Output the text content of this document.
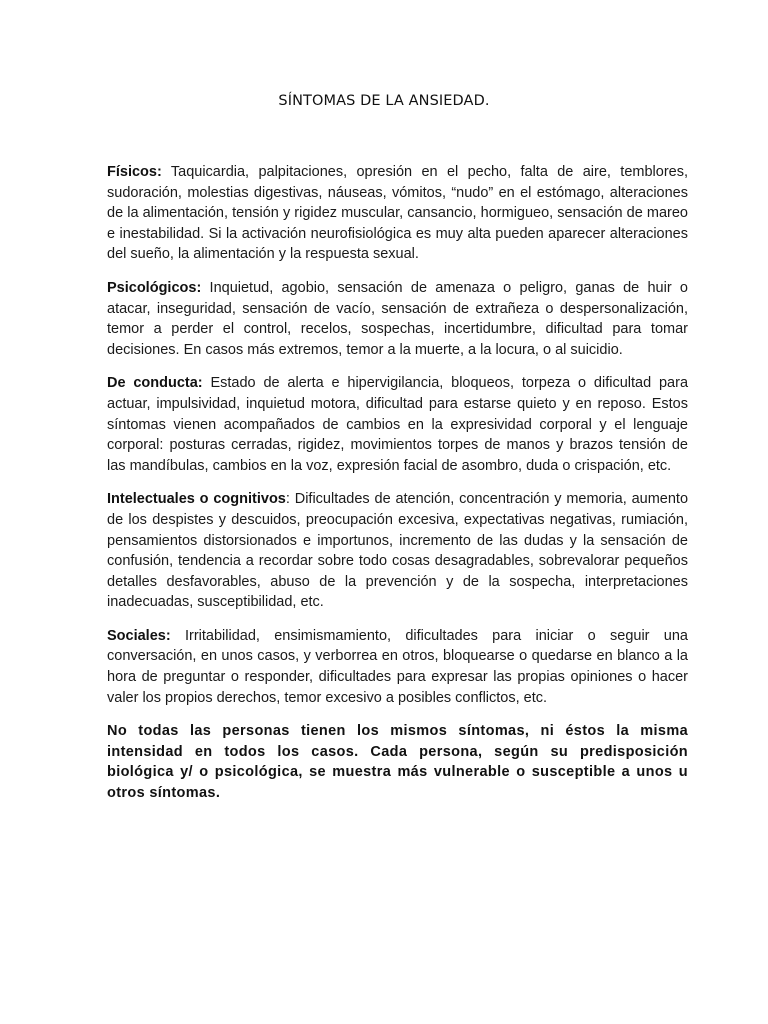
SÍNTOMAS DE LA ANSIEDAD.

Físicos: Taquicardia, palpitaciones, opresión en el pecho, falta de aire, temblores, sudoración, molestias digestivas, náuseas, vómitos, “nudo” en el estómago, alteraciones de la alimentación, tensión y rigidez muscular, cansancio, hormigueo, sensación de mareo e inestabilidad. Si la activación neurofisiológica es muy alta pueden aparecer alteraciones del sueño, la alimentación y la respuesta sexual.

Psicológicos: Inquietud, agobio, sensación de amenaza o peligro, ganas de huir o atacar, inseguridad, sensación de vacío, sensación de extrañeza o despersonalización, temor a perder el control, recelos, sospechas, incertidumbre, dificultad para tomar decisiones. En casos más extremos, temor a la muerte, a la locura, o al suicidio.

De conducta: Estado de alerta e hipervigilancia, bloqueos, torpeza o dificultad para actuar, impulsividad, inquietud motora, dificultad para estarse quieto y en reposo. Estos síntomas vienen acompañados de cambios en la expresividad corporal y el lenguaje corporal: posturas cerradas, rigidez, movimientos torpes de manos y brazos tensión de las mandíbulas, cambios en la voz, expresión facial de asombro, duda o crispación, etc.

Intelectuales o cognitivos: Dificultades de atención, concentración y memoria, aumento de los despistes y descuidos, preocupación excesiva, expectativas negativas, rumiación, pensamientos distorsionados e importunos, incremento de las dudas y la sensación de confusión, tendencia a recordar sobre todo cosas desagradables, sobrevalorar pequeños detalles desfavorables, abuso de la prevención y de la sospecha, interpretaciones inadecuadas, susceptibilidad, etc.

Sociales: Irritabilidad, ensimismamiento, dificultades para iniciar o seguir una conversación, en unos casos, y verborrea en otros, bloquearse o quedarse en blanco a la hora de preguntar o responder, dificultades para expresar las propias opiniones o hacer valer los propios derechos, temor excesivo a posibles conflictos, etc.

No todas las personas tienen los mismos síntomas, ni éstos la misma intensidad en todos los casos. Cada persona, según su predisposición biológica y/ o psicológica, se muestra más vulnerable o susceptible a unos u otros síntomas.
